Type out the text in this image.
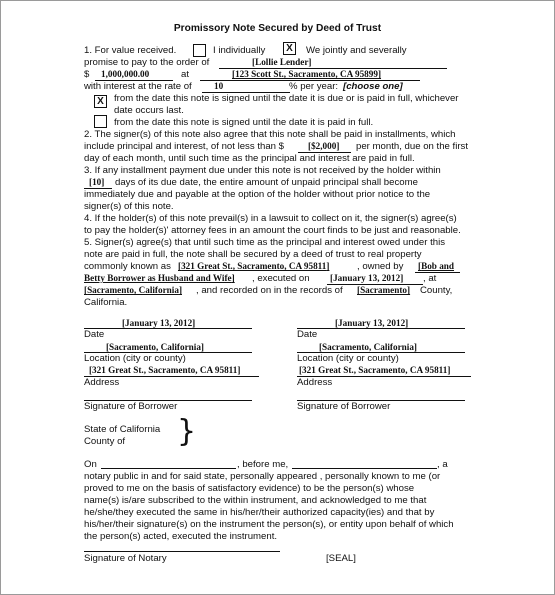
Promissory Note Secured by Deed of Trust
1. For value received.	I individually	X	We jointly and severally
promise to pay to the order of	[Lollie Lender]
$ 1,000,000.00	at	[123 Scott St., Sacramento, CA 95899]
with interest at the rate of 10	% per year: [choose one]
X	from the date this note is signed until the date it is due or is paid in full, whichever
date occurs last.
from the date this note is signed until the date it is paid in full.
2. The signer(s) of this note also agree that this note shall be paid in installments, which
include principal and interest, of not less than $	[$2,000] per month, due on the first
day of each month, until such time as the principal and interest are paid in full.
3. If any installment payment due under this note is not received by the holder within
[10] days of its due date, the entire amount of unpaid principal shall become
immediately due and payable at the option of the holder without prior notice to the
signer(s) of this note.
4. If the holder(s) of this note prevail(s) in a lawsuit to collect on it, the signer(s) agree(s)
to pay the holder(s)' attorney fees in an amount the court finds to be just and reasonable.
5. Signer(s) agree(s) that until such time as the principal and interest owed under this
note are paid in full, the note shall be secured by a deed of trust to real property
commonly known as [321 Great St., Sacramento, CA 95811]	, owned by [Bob and
Betty Borrower as Husband and Wife] , executed on [January 13, 2012] , at
[Sacramento, California] , and recorded on in the records of [Sacramento] County,
California.
[January 13, 2012]
Date
[Sacramento, California]
Location (city or county)
[321 Great St., Sacramento, CA 95811]
Address
Signature of Borrower
[January 13, 2012]
Date
[Sacramento, California]
Location (city or county)
[321 Great St., Sacramento, CA 95811]
Address
Signature of Borrower
State of California
County of }
On	, before me,	, a
notary public in and for said state, personally appeared , personally known to me (or
proved to me on the basis of satisfactory evidence) to be the person(s) whose
name(s) is/are subscribed to the within instrument, and acknowledged to me that
he/she/they executed the same in his/her/their authorized capacity(ies) and that by
his/her/their signature(s) on the instrument the person(s), or entity upon behalf of which
the person(s) acted, executed the instrument.
Signature of Notary	[SEAL]
